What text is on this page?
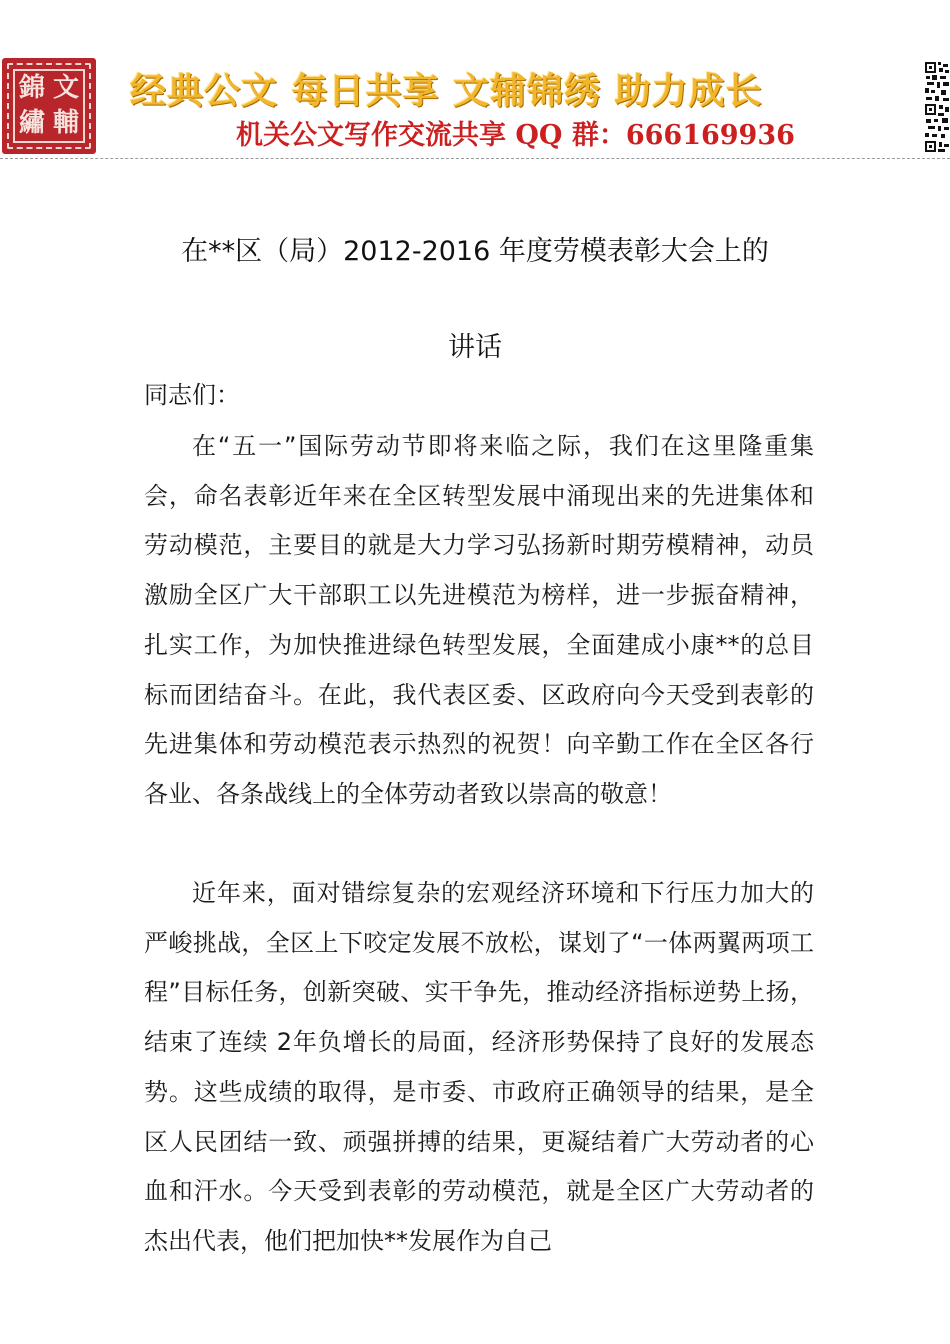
錦 文
繡 輔
经典公文 每日共享 文辅锦绣 助力成长
机关公文写作交流共享 QQ 群：666169936
在**区（局）2012-2016 年度劳模表彰大会上的
讲话
同志们：

在“五一”国际劳动节即将来临之际，我们在这里隆重集会，命名表彰近年来在全区转型发展中涌现出来的先进集体和劳动模范，主要目的就是大力学习弘扬新时期劳模精神，动员激励全区广大干部职工以先进模范为榜样，进一步振奋精神，扎实工作，为加快推进绿色转型发展，全面建成小康**的总目标而团结奋斗。在此，我代表区委、区政府向今天受到表彰的先进集体和劳动模范表示热烈的祝贺！向辛勤工作在全区各行各业、各条战线上的全体劳动者致以崇高的敬意！

近年来，面对错综复杂的宏观经济环境和下行压力加大的严峻挑战，全区上下咬定发展不放松，谋划了“一体两翼两项工程”目标任务，创新突破、实干争先，推动经济指标逆势上扬，结束了连续 2年负增长的局面，经济形势保持了良好的发展态势。这些成绩的取得，是市委、市政府正确领导的结果，是全区人民团结一致、顽强拼搏的结果，更凝结着广大劳动者的心血和汗水。今天受到表彰的劳动模范，就是全区广大劳动者的杰出代表，他们把加快**发展作为自己
